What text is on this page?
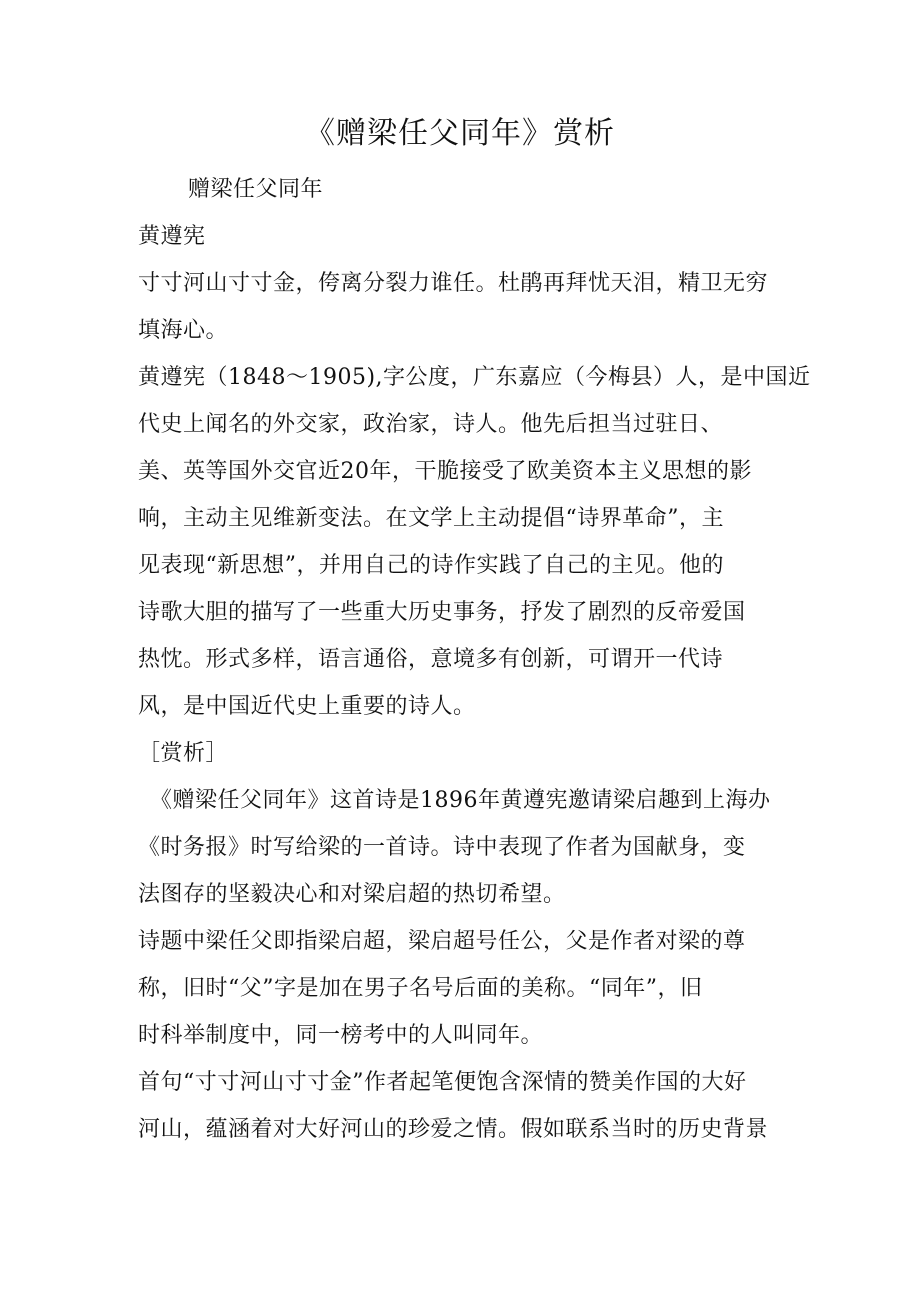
《赠梁任父同年》赏析
赠梁任父同年
黄遵宪
寸寸河山寸寸金，侉离分裂力谁任。杜鹃再拜忧天泪，精卫无穷
填海心。
黄遵宪（1848～1905),字公度，广东嘉应（今梅县）人，是中国近
代史上闻名的外交家，政治家，诗人。他先后担当过驻日、
美、英等国外交官近20年，干脆接受了欧美资本主义思想的影
响，主动主见维新变法。在文学上主动提倡“诗界革命”，主
见表现“新思想”，并用自己的诗作实践了自己的主见。他的
诗歌大胆的描写了一些重大历史事务，抒发了剧烈的反帝爱国
热忱。形式多样，语言通俗，意境多有创新，可谓开一代诗
风，是中国近代史上重要的诗人。
［赏析］
《赠梁任父同年》这首诗是1896年黄遵宪邀请梁启趣到上海办
《时务报》时写给梁的一首诗。诗中表现了作者为国献身，变
法图存的坚毅决心和对梁启超的热切希望。
诗题中梁任父即指梁启超，梁启超号任公，父是作者对梁的尊
称，旧时“父”字是加在男子名号后面的美称。“同年”，旧
时科举制度中，同一榜考中的人叫同年。
首句“寸寸河山寸寸金”作者起笔便饱含深情的赞美作国的大好
河山，蕴涵着对大好河山的珍爱之情。假如联系当时的历史背景
